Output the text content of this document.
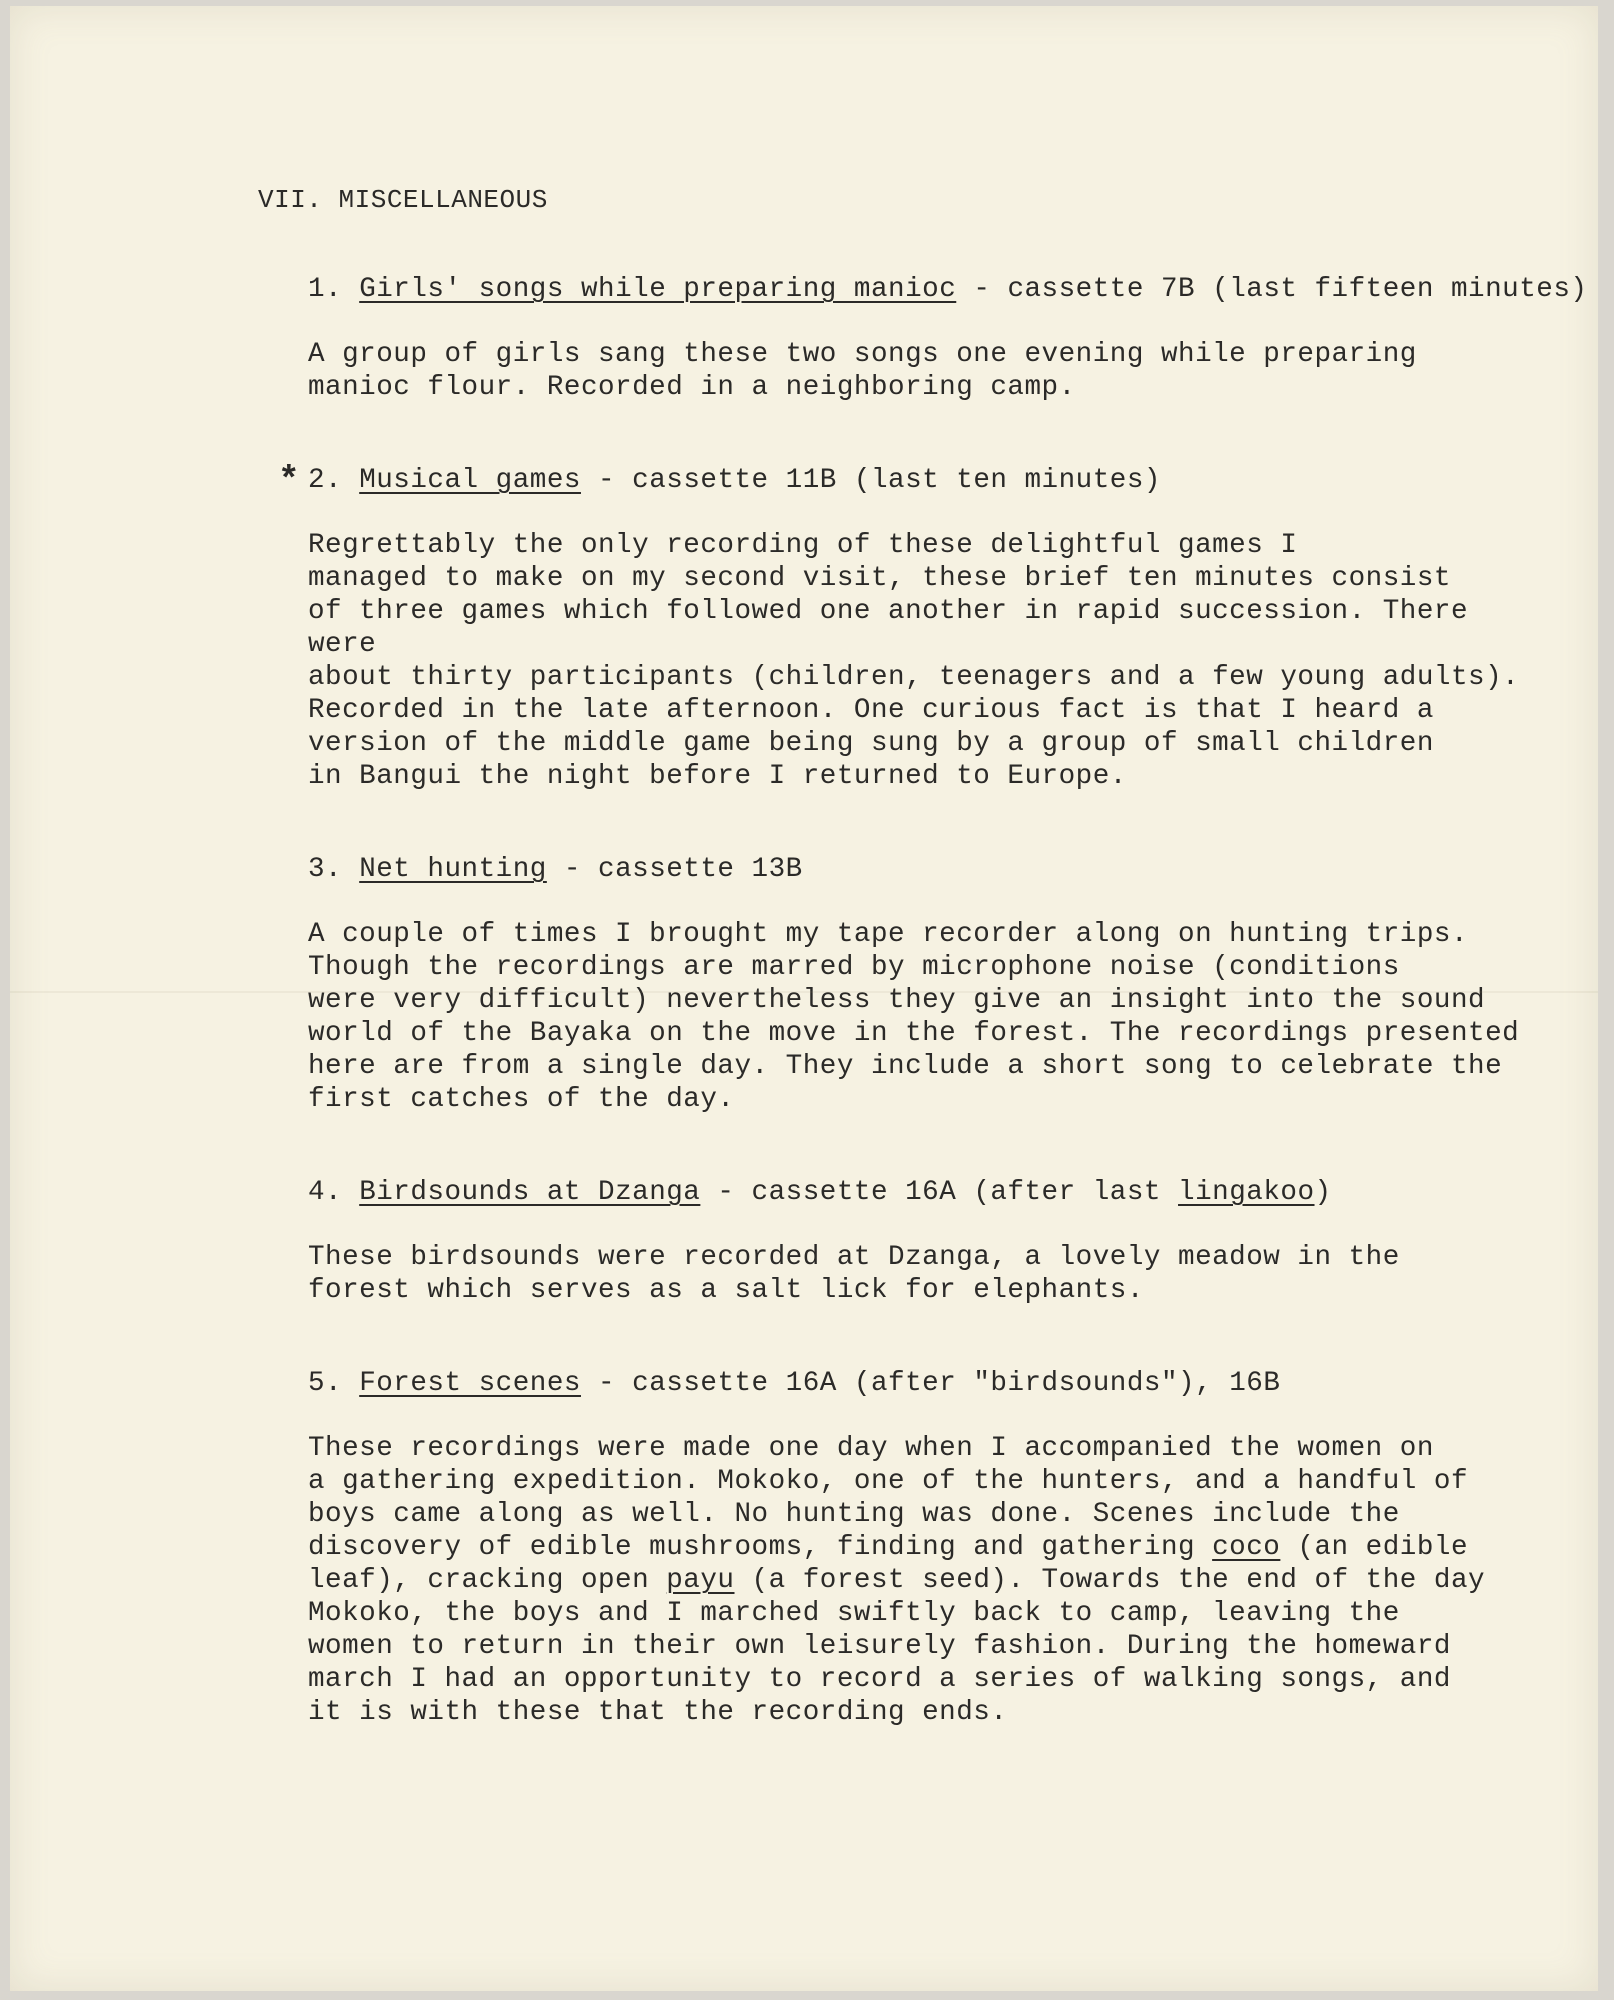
VII. MISCELLANEOUS
1. Girls' songs while preparing manioc - cassette 7B (last fifteen minutes)
A group of girls sang these two songs one evening while preparing
manioc flour. Recorded in a neighboring camp.
* 2. Musical games - cassette 11B (last ten minutes)
Regrettably the only recording of these delightful games I
managed to make on my second visit, these brief ten minutes consist
of three games which followed one another in rapid succession. There were
about thirty participants (children, teenagers and a few young adults).
Recorded in the late afternoon. One curious fact is that I heard a
version of the middle game being sung by a group of small children
in Bangui the night before I returned to Europe.
3. Net hunting - cassette 13B
A couple of times I brought my tape recorder along on hunting trips.
Though the recordings are marred by microphone noise (conditions
were very difficult) nevertheless they give an insight into the sound
world of the Bayaka on the move in the forest. The recordings presented
here are from a single day. They include a short song to celebrate the
first catches of the day.
4. Birdsounds at Dzanga - cassette 16A (after last lingakoo)
These birdsounds were recorded at Dzanga, a lovely meadow in the
forest which serves as a salt lick for elephants.
5. Forest scenes - cassette 16A (after "birdsounds"), 16B
These recordings were made one day when I accompanied the women on
a gathering expedition. Mokoko, one of the hunters, and a handful of
boys came along as well. No hunting was done. Scenes include the
discovery of edible mushrooms, finding and gathering coco (an edible
leaf), cracking open payu (a forest seed). Towards the end of the day
Mokoko, the boys and I marched swiftly back to camp, leaving the
women to return in their own leisurely fashion. During the homeward
march I had an opportunity to record a series of walking songs, and
it is with these that the recording ends.
